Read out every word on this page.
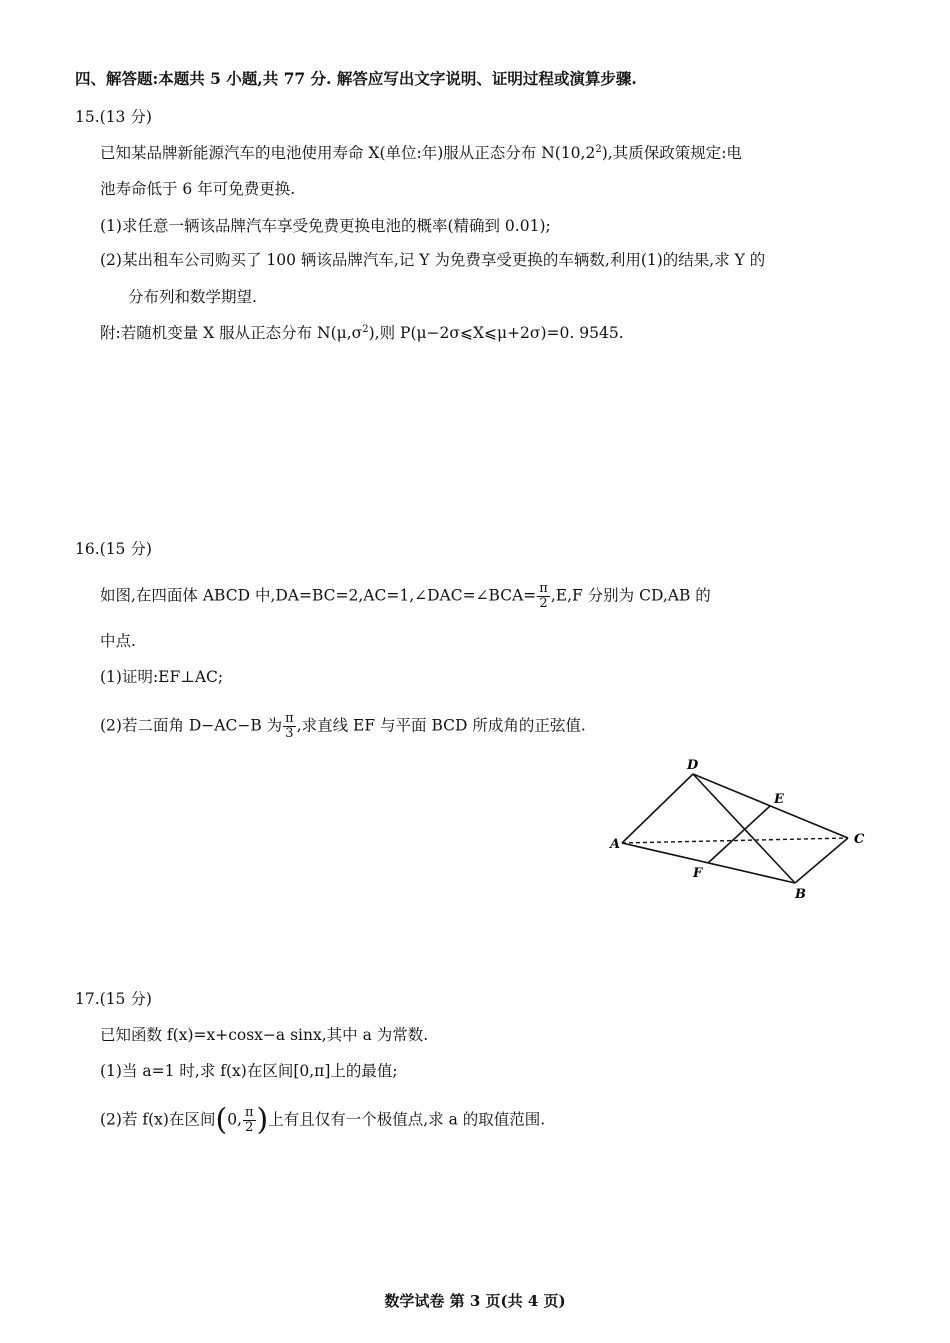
四、解答题:本题共 5 小题,共 77 分. 解答应写出文字说明、证明过程或演算步骤.
15.(13 分)
已知某品牌新能源汽车的电池使用寿命 X(单位:年)服从正态分布 N(10,2$^2$),其质保政策规定:电
池寿命低于 6 年可免费更换.
(1)求任意一辆该品牌汽车享受免费更换电池的概率(精确到 0.01);
(2)某出租车公司购买了 100 辆该品牌汽车,记 Y 为免费享受更换的车辆数,利用(1)的结果,求 Y 的
分布列和数学期望.
附:若随机变量 X 服从正态分布 $N(\mu,\sigma^2)$,则 P(μ−2σ⩽X⩽μ+2σ)=0. 9545.
16.(15 分)
如图,在四面体 ABCD 中,DA=BC=2,AC=1,∠DAC=∠BCA= $\frac{\pi}{2} ,E,F$ 分别为 CD,AB 的
中点.
(1)证明:EF⊥AC;
(2)若二面角 D−AC−B 为 $\frac{\pi}{3}$ ,求直线 EF 与平面 BCD 所成角的正弦值.
D
E
A	C
F
B
17.(15 分)
已知函数 f(x)=x+cosx−a sinx,其中 a 为常数.
(1)当 a=1 时,求 f(x)在区间[0,π]上的最值;
(2)若 f(x)在区间(0, $\frac{\pi}{2}$ )上有且仅有一个极值点,求 a 的取值范围.
数学试卷 第 3 页(共 4 页)
